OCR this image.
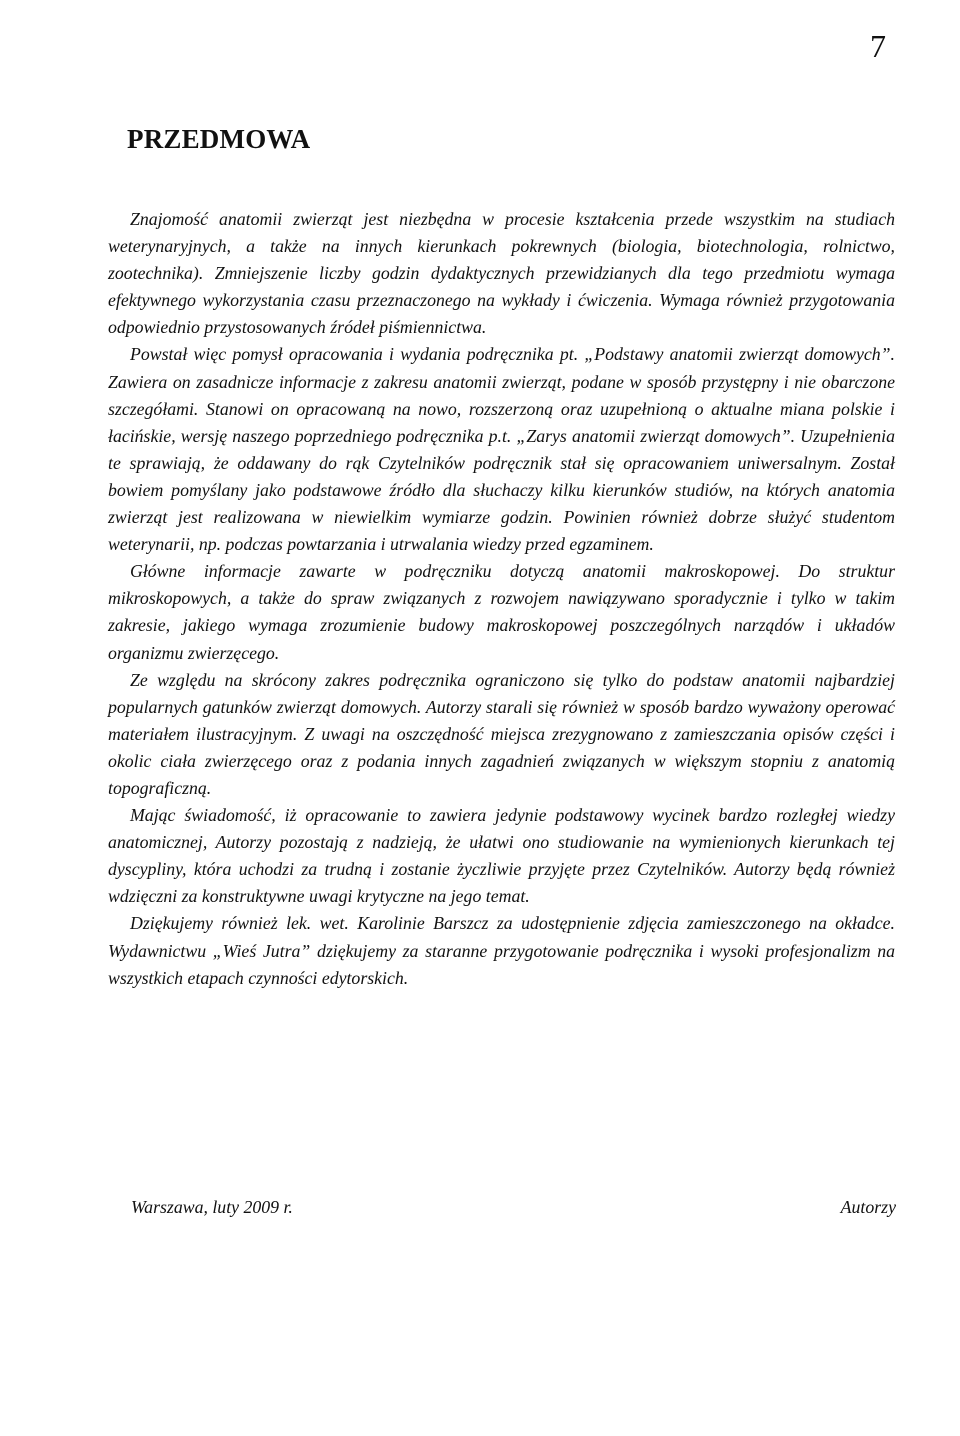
7
PRZEDMOWA

Znajomość anatomii zwierząt jest niezbędna w procesie kształcenia przede wszystkim na studiach weterynaryjnych, a także na innych kierunkach pokrewnych (biologia, biotechnologia, rolnictwo, zootechnika). Zmniejszenie liczby godzin dydaktycznych przewidzianych dla tego przedmiotu wymaga efektywnego wykorzystania czasu przeznaczonego na wykłady i ćwiczenia. Wymaga również przygotowania odpowiednio przystosowanych źródeł piśmiennictwa.

Powstał więc pomysł opracowania i wydania podręcznika pt. „Podstawy anatomii zwierząt domowych”. Zawiera on zasadnicze informacje z zakresu anatomii zwierząt, podane w sposób przystępny i nie obarczone szczegółami. Stanowi on opracowaną na nowo, rozszerzoną oraz uzupełnioną o aktualne miana polskie i łacińskie, wersję naszego poprzedniego podręcznika p.t. „Zarys anatomii zwierząt domowych”. Uzupełnienia te sprawiają, że oddawany do rąk Czytelników podręcznik stał się opracowaniem uniwersalnym. Został bowiem pomyślany jako podstawowe źródło dla słuchaczy kilku kierunków studiów, na których anatomia zwierząt jest realizowana w niewielkim wymiarze godzin. Powinien również dobrze służyć studentom weterynarii, np. podczas powtarzania i utrwalania wiedzy przed egzaminem.

Główne informacje zawarte w podręczniku dotyczą anatomii makroskopowej. Do struktur mikroskopowych, a także do spraw związanych z rozwojem nawiązywano sporadycznie i tylko w takim zakresie, jakiego wymaga zrozumienie budowy makroskopowej poszczególnych narządów i układów organizmu zwierzęcego.

Ze względu na skrócony zakres podręcznika ograniczono się tylko do podstaw anatomii najbardziej popularnych gatunków zwierząt domowych. Autorzy starali się również w sposób bardzo wyważony operować materiałem ilustracyjnym. Z uwagi na oszczędność miejsca zrezygnowano z zamieszczania opisów części i okolic ciała zwierzęcego oraz z podania innych zagadnień związanych w większym stopniu z anatomią topograficzną.

Mając świadomość, iż opracowanie to zawiera jedynie podstawowy wycinek bardzo rozległej wiedzy anatomicznej, Autorzy pozostają z nadzieją, że ułatwi ono studiowanie na wymienionych kierunkach tej dyscypliny, która uchodzi za trudną i zostanie życzliwie przyjęte przez Czytelników. Autorzy będą również wdzięczni za konstruktywne uwagi krytyczne na jego temat.

Dziękujemy również lek. wet. Karolinie Barszcz za udostępnienie zdjęcia zamieszczonego na okładce. Wydawnictwu „Wieś Jutra” dziękujemy za staranne przygotowanie podręcznika i wysoki profesjonalizm na wszystkich etapach czynności edytorskich.

Warszawa, luty 2009 r.	Autorzy
